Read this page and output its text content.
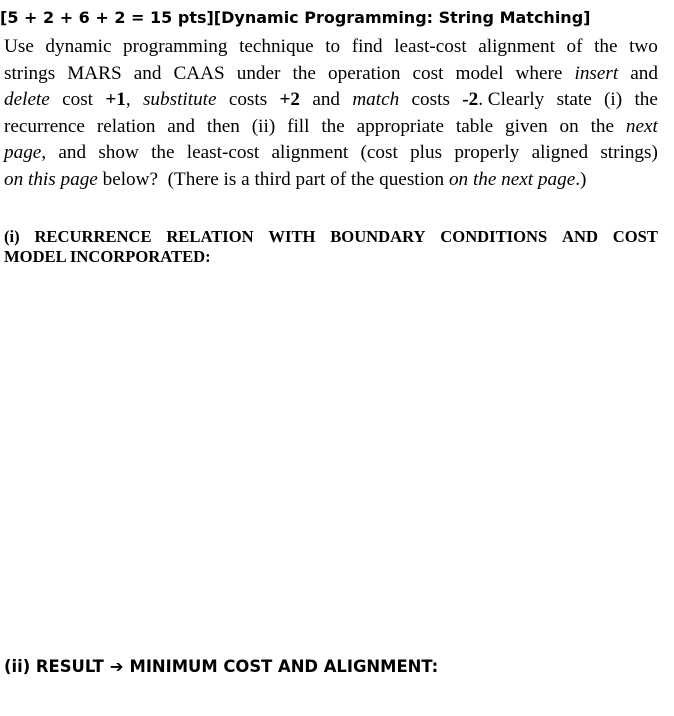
[5 + 2 + 6 + 2 = 15 pts][Dynamic Programming: String Matching]
Use dynamic programming technique to find least-cost alignment of the two
strings MARS and CAAS under the operation cost model where insert and
delete cost +1, substitute costs +2 and match costs -2. Clearly state (i) the
recurrence relation and then (ii) fill the appropriate table given on the next
page, and show the least-cost alignment (cost plus properly aligned strings)
on this page below?  (There is a third part of the question on the next page.)
(i) RECURRENCE RELATION WITH BOUNDARY CONDITIONS AND COST
MODEL INCORPORATED:
(ii) RESULT ➔ MINIMUM COST AND ALIGNMENT:
